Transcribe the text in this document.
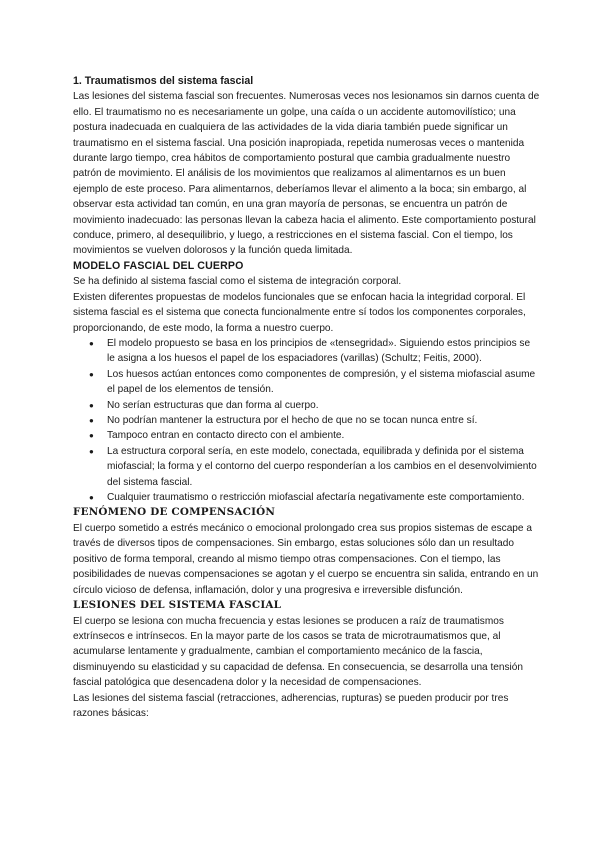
1. Traumatismos del sistema fascial

Las lesiones del sistema fascial son frecuentes. Numerosas veces nos lesionamos sin darnos cuenta de ello. El traumatismo no es necesariamente un golpe, una caída o un accidente automovilístico; una postura inadecuada en cualquiera de las actividades de la vida diaria también puede significar un traumatismo en el sistema fascial. Una posición inapropiada, repetida numerosas veces o mantenida durante largo tiempo, crea hábitos de comportamiento postural que cambia gradualmente nuestro patrón de movimiento. El análisis de los movimientos que realizamos al alimentarnos es un buen ejemplo de este proceso. Para alimentarnos, deberíamos llevar el alimento a la boca; sin embargo, al observar esta actividad tan común, en una gran mayoría de personas, se encuentra un patrón de movimiento inadecuado: las personas llevan la cabeza hacia el alimento. Este comportamiento postural conduce, primero, al desequilibrio, y luego, a restricciones en el sistema fascial. Con el tiempo, los movimientos se vuelven dolorosos y la función queda limitada.

MODELO FASCIAL DEL CUERPO

Se ha definido al sistema fascial como el sistema de integración corporal.

Existen diferentes propuestas de modelos funcionales que se enfocan hacia la integridad corporal. El sistema fascial es el sistema que conecta funcionalmente entre sí todos los componentes corporales, proporcionando, de este modo, la forma a nuestro cuerpo.

● El modelo propuesto se basa en los principios de «tensegridad». Siguiendo estos principios se le asigna a los huesos el papel de los espaciadores (varillas) (Schultz; Feitis, 2000).
● Los huesos actúan entonces como componentes de compresión, y el sistema miofascial asume el papel de los elementos de tensión.
● No serían estructuras que dan forma al cuerpo.
● No podrían mantener la estructura por el hecho de que no se tocan nunca entre sí.
● Tampoco entran en contacto directo con el ambiente.
● La estructura corporal sería, en este modelo, conectada, equilibrada y definida por el sistema miofascial; la forma y el contorno del cuerpo responderían a los cambios en el desenvolvimiento del sistema fascial.
● Cualquier traumatismo o restricción miofascial afectaría negativamente este comportamiento.
FENÓMENO DE COMPENSACIÓN

El cuerpo sometido a estrés mecánico o emocional prolongado crea sus propios sistemas de escape a través de diversos tipos de compensaciones. Sin embargo, estas soluciones sólo dan un resultado positivo de forma temporal, creando al mismo tiempo otras compensaciones. Con el tiempo, las posibilidades de nuevas compensaciones se agotan y el cuerpo se encuentra sin salida, entrando en un círculo vicioso de defensa, inflamación, dolor y una progresiva e irreversible disfunción.

LESIONES DEL SISTEMA FASCIAL

El cuerpo se lesiona con mucha frecuencia y estas lesiones se producen a raíz de traumatismos extrínsecos e intrínsecos. En la mayor parte de los casos se trata de microtraumatismos que, al acumularse lentamente y gradualmente, cambian el comportamiento mecánico de la fascia, disminuyendo su elasticidad y su capacidad de defensa. En consecuencia, se desarrolla una tensión fascial patológica que desencadena dolor y la necesidad de compensaciones.

Las lesiones del sistema fascial (retracciones, adherencias, rupturas) se pueden producir por tres razones básicas:
